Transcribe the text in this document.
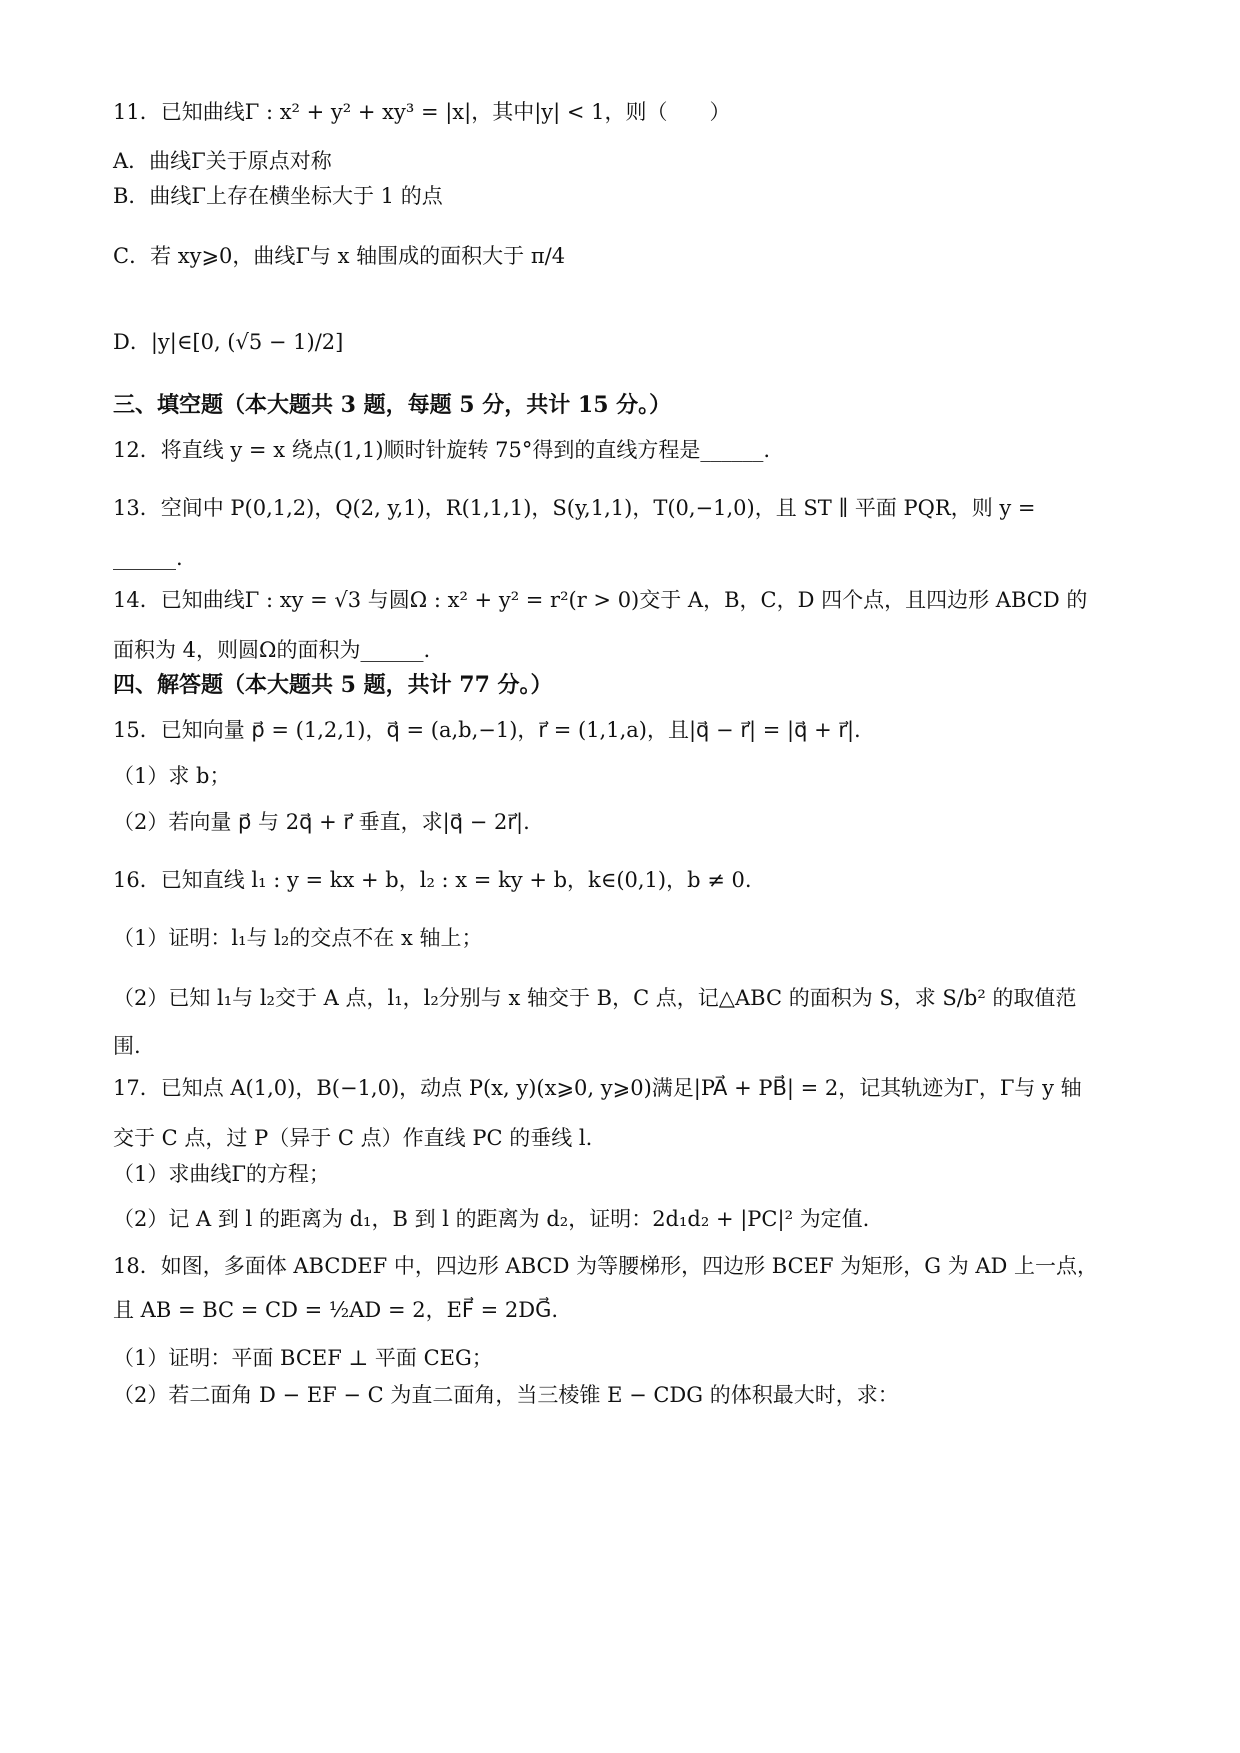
11．已知曲线Γ : x² + y² + xy³ = |x|，其中|y| < 1，则（　　）
A．曲线Γ关于原点对称
B．曲线Γ上存在横坐标大于 1 的点
C．若 xy⩾0，曲线Γ与 x 轴围成的面积大于 π/4
D．|y|∈[0, (√5 − 1)/2]
三、填空题（本大题共 3 题，每题 5 分，共计 15 分。）
12．将直线 y = x 绕点(1,1)顺时针旋转 75°得到的直线方程是______.
13．空间中 P(0,1,2)，Q(2, y,1)，R(1,1,1)，S(y,1,1)，T(0,−1,0)，且 ST ∥ 平面 PQR，则 y =
______.
14．已知曲线Γ : xy = √3 与圆Ω : x² + y² = r²(r > 0)交于 A，B，C，D 四个点，且四边形 ABCD 的
面积为 4，则圆Ω的面积为______.
四、解答题（本大题共 5 题，共计 77 分。）
15．已知向量 p⃗ = (1,2,1)，q⃗ = (a,b,−1)，r⃗ = (1,1,a)，且|q⃗ − r⃗| = |q⃗ + r⃗|.
（1）求 b；
（2）若向量 p⃗ 与 2q⃗ + r⃗ 垂直，求|q⃗ − 2r⃗|.
16．已知直线 l₁ : y = kx + b，l₂ : x = ky + b，k∈(0,1)，b ≠ 0.
（1）证明：l₁与 l₂的交点不在 x 轴上；
（2）已知 l₁与 l₂交于 A 点，l₁，l₂分别与 x 轴交于 B，C 点，记△ABC 的面积为 S，求 S/b² 的取值范
围.
17．已知点 A(1,0)，B(−1,0)，动点 P(x, y)(x⩾0, y⩾0)满足|PA⃗ + PB⃗| = 2，记其轨迹为Γ，Γ与 y 轴
交于 C 点，过 P（异于 C 点）作直线 PC 的垂线 l.
（1）求曲线Γ的方程；
（2）记 A 到 l 的距离为 d₁，B 到 l 的距离为 d₂，证明：2d₁d₂ + |PC|² 为定值.
18．如图，多面体 ABCDEF 中，四边形 ABCD 为等腰梯形，四边形 BCEF 为矩形，G 为 AD 上一点，
且 AB = BC = CD = ½AD = 2，EF⃗ = 2DG⃗.
（1）证明：平面 BCEF ⊥ 平面 CEG；
（2）若二面角 D − EF − C 为直二面角，当三棱锥 E − CDG 的体积最大时，求：
